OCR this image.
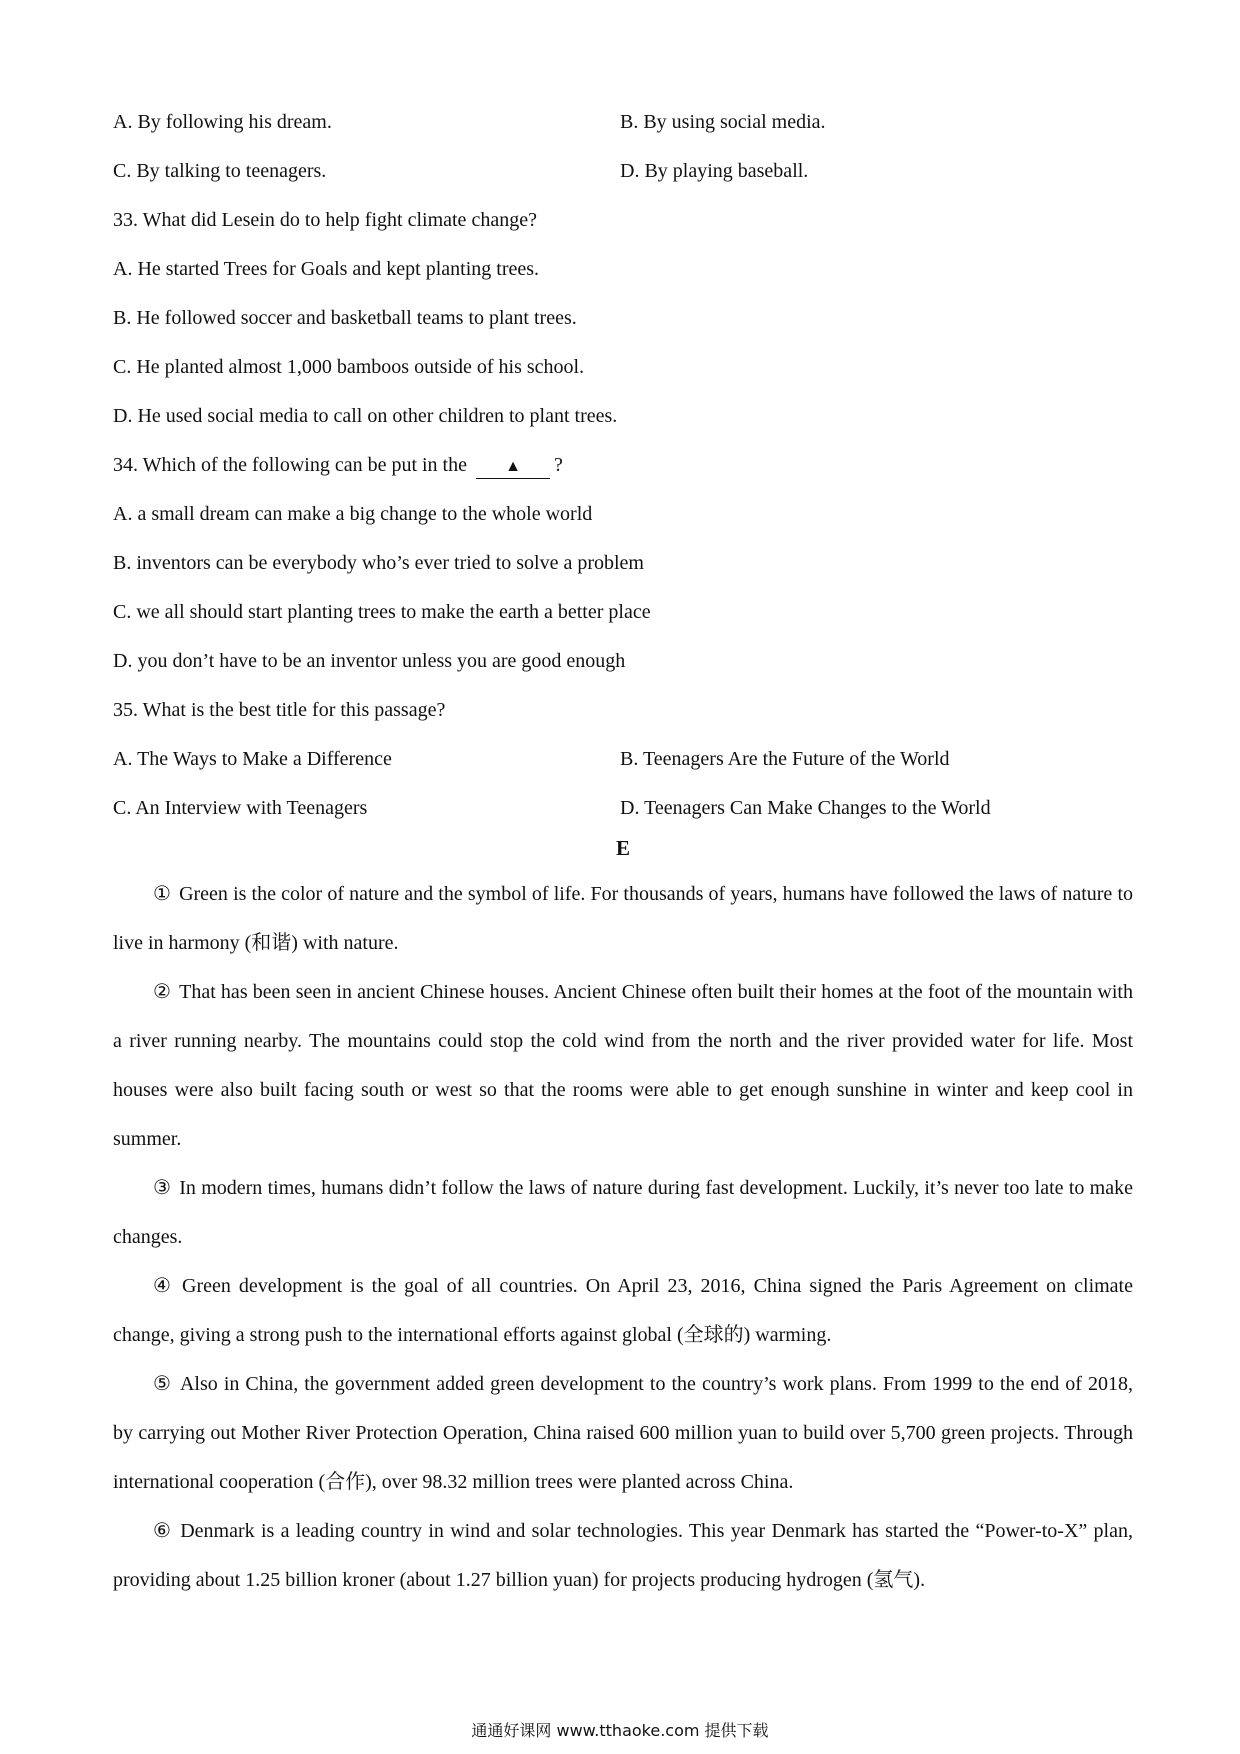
A. By following his dream.	B. By using social media.
C. By talking to teenagers.	D. By playing baseball.
33. What did Lesein do to help fight climate change?
A. He started Trees for Goals and kept planting trees.
B. He followed soccer and basketball teams to plant trees.
C. He planted almost 1,000 bamboos outside of his school.
D. He used social media to call on other children to plant trees.
34. Which of the following can be put in the ▲ ?
A. a small dream can make a big change to the whole world
B. inventors can be everybody who’s ever tried to solve a problem
C. we all should start planting trees to make the earth a better place
D. you don’t have to be an inventor unless you are good enough
35. What is the best title for this passage?
A. The Ways to Make a Difference	B. Teenagers Are the Future of the World
C. An Interview with Teenagers	D. Teenagers Can Make Changes to the World
E

① Green is the color of nature and the symbol of life. For thousands of years, humans have followed the laws of nature to live in harmony (和谐) with nature.

② That has been seen in ancient Chinese houses. Ancient Chinese often built their homes at the foot of the mountain with a river running nearby. The mountains could stop the cold wind from the north and the river provided water for life. Most houses were also built facing south or west so that the rooms were able to get enough sunshine in winter and keep cool in summer.

③ In modern times, humans didn’t follow the laws of nature during fast development. Luckily, it’s never too late to make changes.

④ Green development is the goal of all countries. On April 23, 2016, China signed the Paris Agreement on climate change, giving a strong push to the international efforts against global (全球的) warming.

⑤ Also in China, the government added green development to the country’s work plans. From 1999 to the end of 2018, by carrying out Mother River Protection Operation, China raised 600 million yuan to build over 5,700 green projects. Through international cooperation (合作), over 98.32 million trees were planted across China.

⑥ Denmark is a leading country in wind and solar technologies. This year Denmark has started the “Power-to-X” plan, providing about 1.25 billion kroner (about 1.27 billion yuan) for projects producing hydrogen (氢气).

通通好课网 www.tthaoke.com 提供下载
